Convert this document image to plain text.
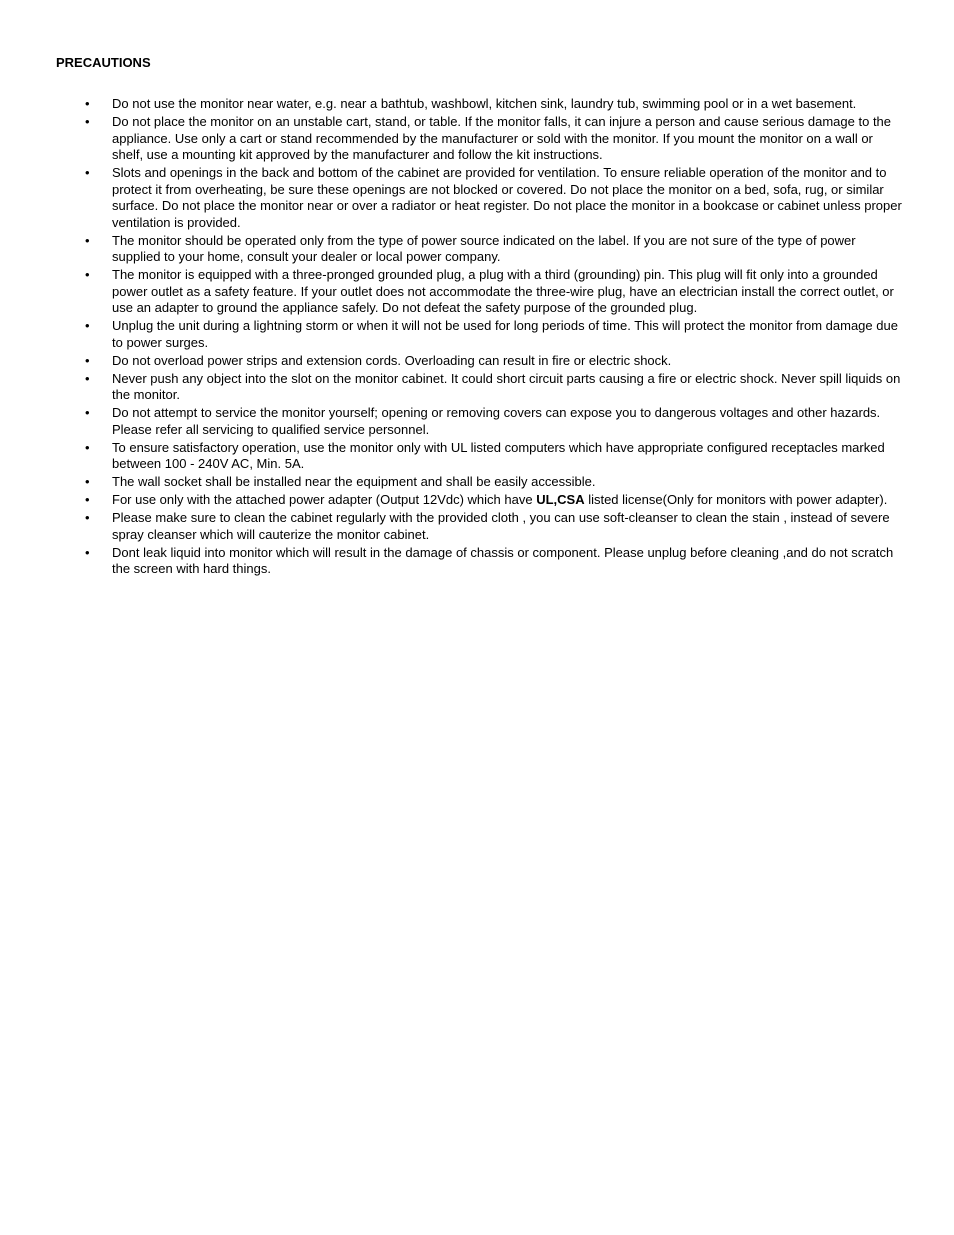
PRECAUTIONS
• Do not use the monitor near water, e.g. near a bathtub, washbowl, kitchen sink, laundry tub, swimming pool or in a wet basement.
• Do not place the monitor on an unstable cart, stand, or table. If the monitor falls, it can injure a person and cause serious damage to the appliance. Use only a cart or stand recommended by the manufacturer or sold with the monitor. If you mount the monitor on a wall or shelf, use a mounting kit approved by the manufacturer and follow the kit instructions.
• Slots and openings in the back and bottom of the cabinet are provided for ventilation. To ensure reliable operation of the monitor and to protect it from overheating, be sure these openings are not blocked or covered. Do not place the monitor on a bed, sofa, rug, or similar surface. Do not place the monitor near or over a radiator or heat register. Do not place the monitor in a bookcase or cabinet unless proper ventilation is provided.
• The monitor should be operated only from the type of power source indicated on the label. If you are not sure of the type of power supplied to your home, consult your dealer or local power company.
• The monitor is equipped with a three-pronged grounded plug, a plug with a third (grounding) pin. This plug will fit only into a grounded power outlet as a safety feature. If your outlet does not accommodate the three-wire plug, have an electrician install the correct outlet, or use an adapter to ground the appliance safely. Do not defeat the safety purpose of the grounded plug.
• Unplug the unit during a lightning storm or when it will not be used for long periods of time. This will protect the monitor from damage due to power surges.
• Do not overload power strips and extension cords. Overloading can result in fire or electric shock.
• Never push any object into the slot on the monitor cabinet. It could short circuit parts causing a fire or electric shock. Never spill liquids on the monitor.
• Do not attempt to service the monitor yourself; opening or removing covers can expose you to dangerous voltages and other hazards. Please refer all servicing to qualified service personnel.
• To ensure satisfactory operation, use the monitor only with UL listed computers which have appropriate configured receptacles marked between 100 - 240V AC, Min. 5A.
• The wall socket shall be installed near the equipment and shall be easily accessible.
• For use only with the attached power adapter (Output 12Vdc) which have UL,CSA listed license(Only for monitors with power adapter).
• Please make sure to clean the cabinet regularly with the provided cloth , you can use soft-cleanser to clean the stain , instead of severe spray cleanser which will cauterize the monitor cabinet.
• Dont leak liquid into monitor which will result in the damage of chassis or component. Please unplug before cleaning ,and do not scratch the screen with hard things.
